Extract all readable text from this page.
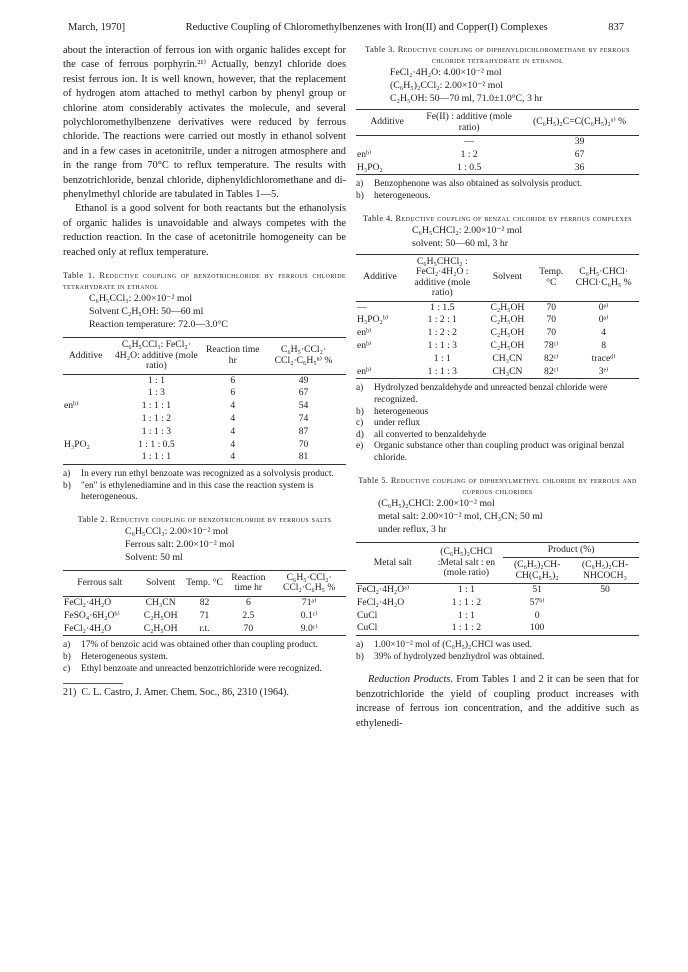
March, 1970]	Reductive Coupling of Chloromethylbenzenes with Iron(II) and Copper(I) Complexes	837

about the interaction of ferrous ion with organic halides except for the case of ferrous porphyrin.²¹⁾ Actually, benzyl chloride does resist ferrous ion. It is well known, however, that the replacement of hydrogen atom attached to methyl carbon by phenyl group or chlorine atom considerably activates the molecule, and several polychloromethylbenzene derivatives were reduced by ferrous chloride. The reactions were carried out mostly in ethanol solvent and in a few cases in acetonitrile, under a nitrogen atmosphere and in the range from 70°C to reflux temperature. The results with benzotrichloride, benzal chloride, diphenyldichloromethane and di-phenylmethyl chloride are tabulated in Tables 1—5.

Ethanol is a good solvent for both reactants but the ethanolysis of organic halides is unavoidable and always competes with the reduction reaction. In the case of acetonitrile homogeneity can be reached only at reflux temperature.

Table 1. Reductive coupling of benzotrichloride by ferrous chloride tetrahydrate in ethanol
C₆H₅CCl₃: 2.00×10⁻² mol
Solvent C₂H₅OH: 50—60 ml
Reaction temperature: 72.0—3.0°C
Additive	C₆H₅CCl₃: FeCl₂· 4H₂O: additive (mole ratio)	Reaction time hr	C₆H₅·CCl₂· CCl₂·C₆H₅ⁿ⁾ %
	1 : 1	6	49
	1 : 3	6	67
enᵇ⁾	1 : 1 : 1	4	54
	1 : 1 : 2	4	74
	1 : 1 : 3	4	87
H₃PO₂	1 : 1 : 0.5	4	70
	1 : 1 : 1	4	81
a)	In every run ethyl benzoate was recognized as a solvolysis product.
b)	"en" is ethylenediamine and in this case the reaction system is heterogeneous.
Table 2. Reductive coupling of benzotrichloride by ferrous salts
C₆H₅CCl₃: 2.00×10⁻² mol
Ferrous salt: 2.00×10⁻² mol
Solvent: 50 ml
Ferrous salt	Solvent	Temp. °C	Reaction time hr	C₆H₅·CCl₂· CCl₂·C₆H₅ %
FeCl₂·4H₂O	CH₃CN	82	6	71ᵃ⁾
FeSO₄·6H₂Oᵇ⁾	C₂H₅OH	71	2.5	0.1ᶜ⁾
FeCl₂·4H₂O	C₂H₅OH	r.t.	70	9.0ᶜ⁾
a)	17% of benzoic acid was obtained other than coupling product.
b)	Heterogeneous system.
c)	Ethyl benzoate and unreacted benzotrichloride were recognized.
21) C. L. Castro, J. Amer. Chem. Soc., 86, 2310 (1964).
Table 3. Reductive coupling of diphenyldichloromethane by ferrous chloride tetrahydrate in ethanol
FeCl₂·4H₂O: 4.00×10⁻² mol
(C₆H₅)₂CCl₂: 2.00×10⁻² mol
C₂H₅OH: 50—70 ml, 71.0±1.0°C, 3 hr
Additive	Fe(II) : additive (mole ratio)	(C₆H₅)₂C=C(C₆H₅)₂ᵃ⁾ %
	—	39
enᵇ⁾	1 : 2	67
H₃PO₂	1 : 0.5	36
a)	Benzophenone was also obtained as solvolysis product.
b)	heterogeneous.
Table 4. Reductive coupling of benzal chloride by ferrous complexes
C₆H₅CHCl₂: 2.00×10⁻² mol
solvent: 50—60 ml, 3 hr
Additive	C₆H₅CHCl₂ : FeCl₂·4H₂O : additive (mole ratio)	Solvent	Temp. °C	C₆H₅·CHCl· CHCl·C₆H₅ %
—	1 : 1.5	C₂H₅OH	70	0ᵃ⁾
H₃PO₂ᵇ⁾	1 : 2 : 1	C₂H₅OH	70	0ᵃ⁾
enᵇ⁾	1 : 2 : 2	C₂H₅OH	70	4
enᵇ⁾	1 : 1 : 3	C₂H₅OH	78ᶜ⁾	8
	1 : 1	CH₃CN	82ᶜ⁾	traceᵈ⁾
enᵇ⁾	1 : 1 : 3	CH₃CN	82ᶜ⁾	3ᵉ⁾
a)	Hydrolyzed benzaldehyde and unreacted benzal chloride were recognized.
b)	heterogeneous
c)	under reflux
d)	all converted to benzaldehyde
e)	Organic substance other than coupling product was original benzal chloride.
Table 5. Reductive coupling of diphenylmethyl chloride by ferrous and cuprous chlorides
(C₆H₅)₂CHCl: 2.00×10⁻² mol
metal salt: 2.00×10⁻² mol, CH₃CN; 50 ml
under reflux, 3 hr
Metal salt	(C₆H₅)₂CHCl :Metal salt : en (mole ratio)	Product (%)	
		(C₆H₅)₂CH- CH(C₆H₅)₂	(C₆H₅)₂CH- NHCOCH₃
FeCl₂·4H₂Oᵃ⁾	1 : 1	51	50
FeCl₂·4H₂O	1 : 1 : 2	57ᵇ⁾	
CuCl	1 : 1	0	
CuCl	1 : 1 : 2	100	
a)	1.00×10⁻² mol of (C₆H₅)₂CHCl was used.
b)	39% of hydrolyzed benzhydrol was obtained.

Reduction Products. From Tables 1 and 2 it can be seen that for benzotrichloride the yield of coupling product increases with increase of ferrous ion concentration, and the additive such as ethylenedi-
